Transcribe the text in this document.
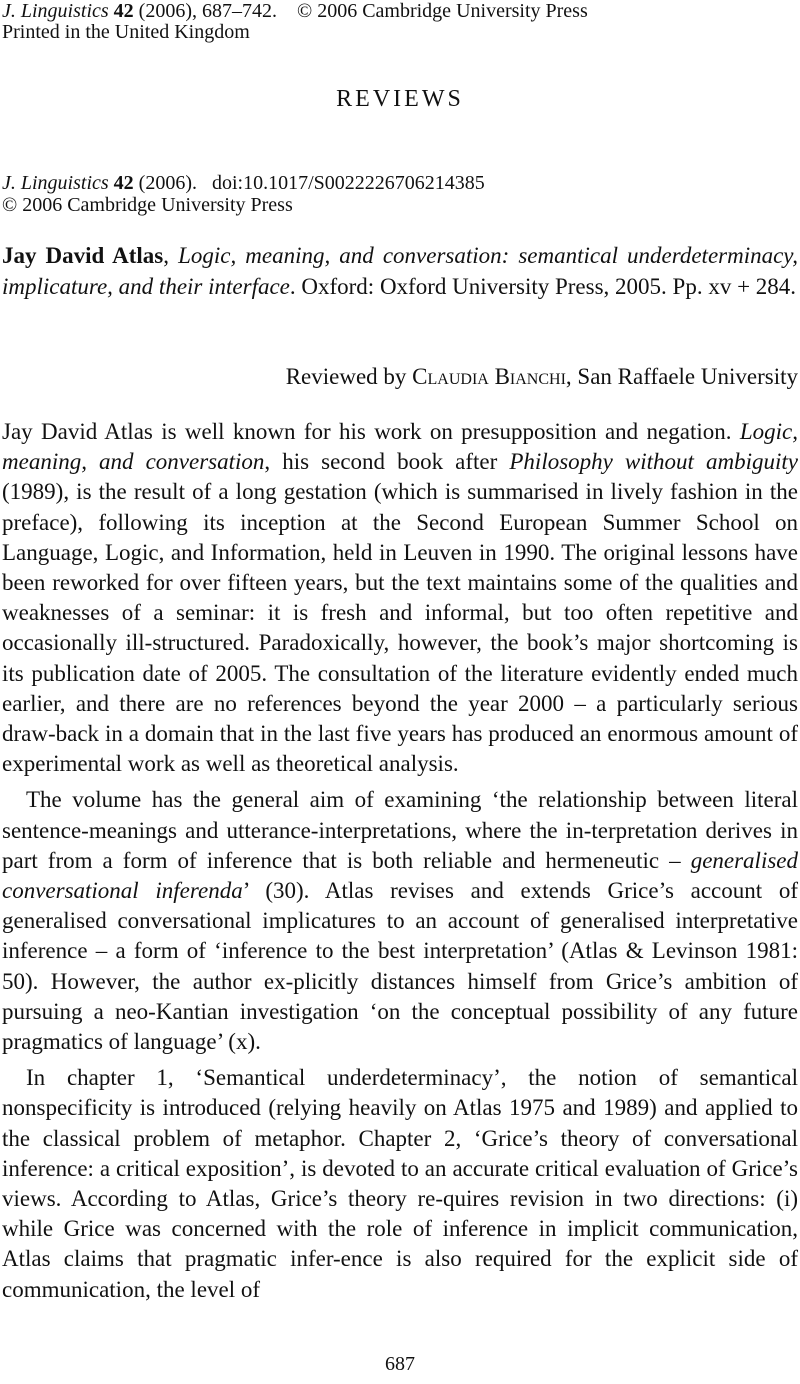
J. Linguistics 42 (2006), 687–742. © 2006 Cambridge University Press
Printed in the United Kingdom
REVIEWS
J. Linguistics 42 (2006).   doi:10.1017/S0022226706214385
© 2006 Cambridge University Press
Jay David Atlas, Logic, meaning, and conversation: semantical underdeterminacy, implicature, and their interface. Oxford: Oxford University Press, 2005. Pp. xv + 284.
Reviewed by Claudia Bianchi, San Raffaele University

Jay David Atlas is well known for his work on presupposition and negation. Logic, meaning, and conversation, his second book after Philosophy without ambiguity (1989), is the result of a long gestation (which is summarised in lively fashion in the preface), following its inception at the Second European Summer School on Language, Logic, and Information, held in Leuven in 1990. The original lessons have been reworked for over fifteen years, but the text maintains some of the qualities and weaknesses of a seminar: it is fresh and informal, but too often repetitive and occasionally ill-structured. Paradoxically, however, the book’s major shortcoming is its publication date of 2005. The consultation of the literature evidently ended much earlier, and there are no references beyond the year 2000 – a particularly serious draw-back in a domain that in the last five years has produced an enormous amount of experimental work as well as theoretical analysis.

The volume has the general aim of examining ‘the relationship between literal sentence-meanings and utterance-interpretations, where the in-terpretation derives in part from a form of inference that is both reliable and hermeneutic – generalised conversational inferenda’ (30). Atlas revises and extends Grice’s account of generalised conversational implicatures to an account of generalised interpretative inference – a form of ‘inference to the best interpretation’ (Atlas & Levinson 1981: 50). However, the author ex-plicitly distances himself from Grice’s ambition of pursuing a neo-Kantian investigation ‘on the conceptual possibility of any future pragmatics of language’ (x).

In chapter 1, ‘Semantical underdeterminacy’, the notion of semantical nonspecificity is introduced (relying heavily on Atlas 1975 and 1989) and applied to the classical problem of metaphor. Chapter 2, ‘Grice’s theory of conversational inference: a critical exposition’, is devoted to an accurate critical evaluation of Grice’s views. According to Atlas, Grice’s theory re-quires revision in two directions: (i) while Grice was concerned with the role of inference in implicit communication, Atlas claims that pragmatic infer-ence is also required for the explicit side of communication, the level of

687
